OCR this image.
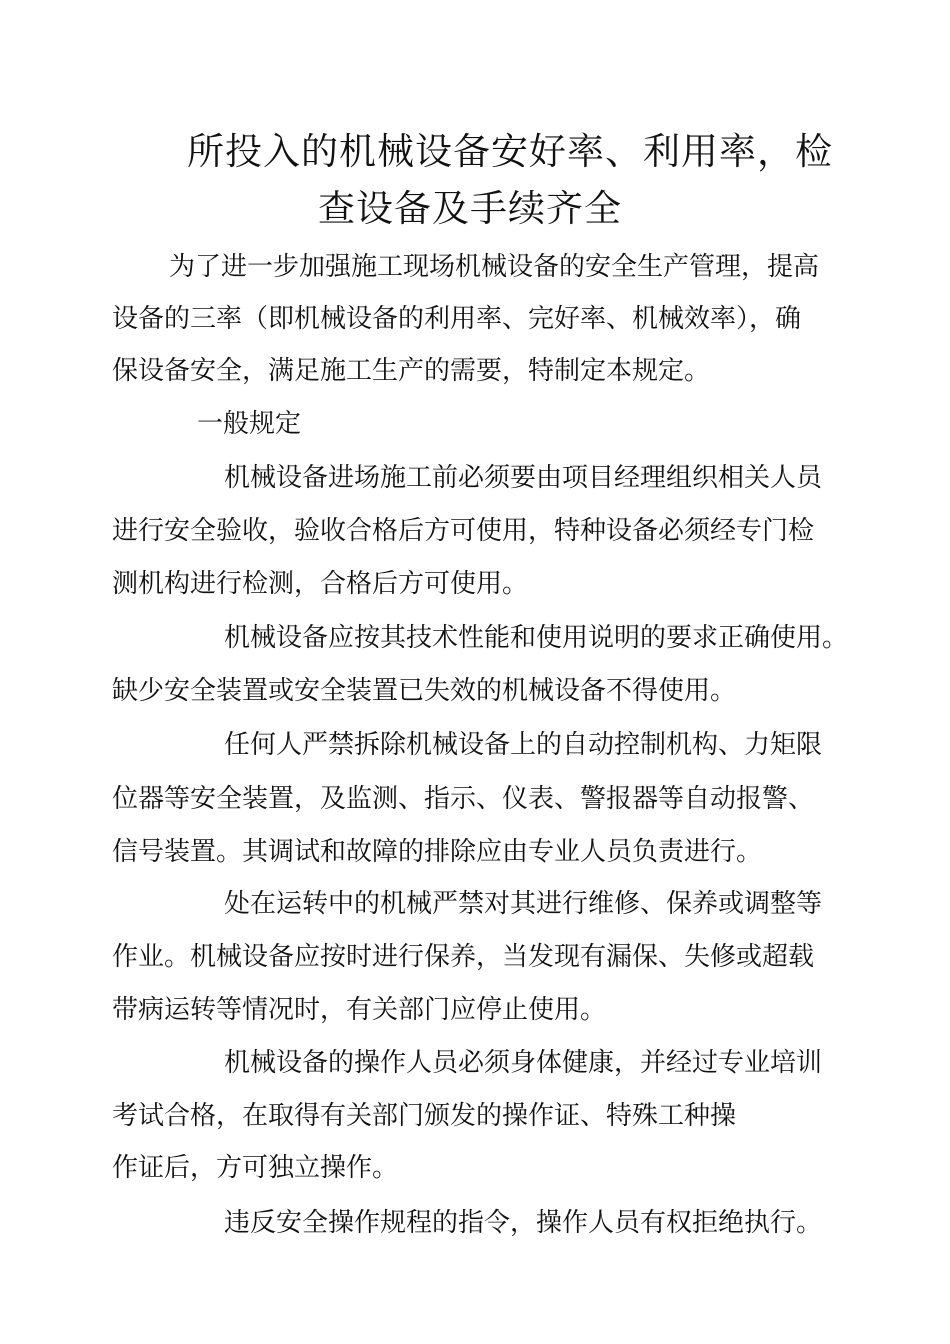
所投入的机械设备安好率、利用率，检
查设备及手续齐全
为了进一步加强施工现场机械设备的安全生产管理，提高
设备的三率（即机械设备的利用率、完好率、机械效率），确
保设备安全，满足施工生产的需要，特制定本规定。
一般规定
机械设备进场施工前必须要由项目经理组织相关人员
进行安全验收，验收合格后方可使用，特种设备必须经专门检
测机构进行检测，合格后方可使用。
机械设备应按其技术性能和使用说明的要求正确使用。
缺少安全装置或安全装置已失效的机械设备不得使用。
任何人严禁拆除机械设备上的自动控制机构、力矩限
位器等安全装置，及监测、指示、仪表、警报器等自动报警、
信号装置。其调试和故障的排除应由专业人员负责进行。
处在运转中的机械严禁对其进行维修、保养或调整等
作业。机械设备应按时进行保养，当发现有漏保、失修或超载
带病运转等情况时，有关部门应停止使用。
机械设备的操作人员必须身体健康，并经过专业培训
考试合格，在取得有关部门颁发的操作证、特殊工种操
作证后，方可独立操作。
违反安全操作规程的指令，操作人员有权拒绝执行。
